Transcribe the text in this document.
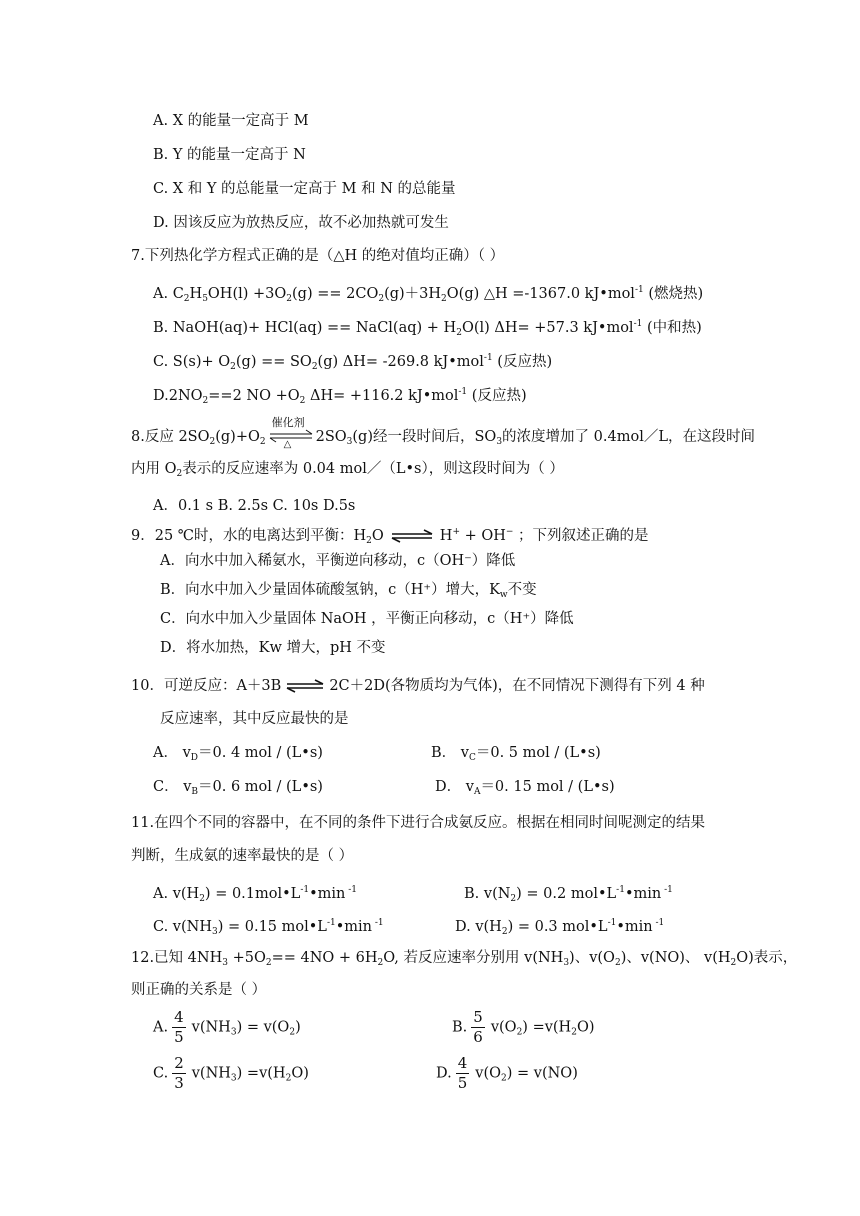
A. X 的能量一定高于 M
B. Y 的能量一定高于 N
C. X 和 Y 的总能量一定高于 M 和 N 的总能量
D. 因该反应为放热反应，故不必加热就可发生
7.下列热化学方程式正确的是（△H 的绝对值均正确）（ ）
A. $C_2H_5OH(l) +3O_2(g) == 2CO_2(g)+3H_2O(g)$ △H =-1367.0 kJ•mol$^{-1}$ (燃烧热)
B. NaOH(aq)+ HCl(aq) == NaCl(aq) + $H_2O(l)$ ΔH= +57.3 kJ•mol$^{-1}$ (中和热)
C. $S(s)+ O_2(g) == SO_2(g)$ ΔH= -269.8 kJ•mol$^{-1}$ (反应热)
$D.2NO_2==2$ NO $+O_2$ ΔH= +116.2 kJ•mol$^{-1}$ (反应热)
8.反应 $2SO_2(g)+O_2$
催化剂
△ $2SO_3(g)$经一段时间后，$SO_3$的浓度增加了 0.4mol／L，在这段时间
内用 $O_2$表示的反应速率为 0.04 mol／（L•s），则这段时间为（ ）
A．0.1 s B. 2.5s C. 10s D.5s
9．25 ℃时，水的电离达到平衡：$H_2O$ ⇌ H+ + OH− ；下列叙述正确的是
A．向水中加入稀氨水，平衡逆向移动，c（OH⁻）降低
B．向水中加入少量固体硫酸氢钠，c（H⁺）增大，$K_w$不变
C．向水中加入少量固体 NaOH ，平衡正向移动，c（H⁺）降低
D．将水加热，Kw 增大，pH 不变
10．可逆反应：A＋3B ⇌ 2C＋2D(各物质均为气体)，在不同情况下测得有下列 4 种
反应速率，其中反应最快的是
A． $v_D=0$. 4 mol / (L•s)	B． $v_C=0$. 5 mol / (L•s)
C． $v_B=0$. 6 mol / (L•s)	D． $v_A=0$. 15 mol / (L•s)
11.在四个不同的容器中，在不同的条件下进行合成氨反应。根据在相同时间呢测定的结果
判断，生成氨的速率最快的是（ ）
A. $v(H_2)$ = $0.1mol•L^{-1}•\min$ $^{-1}$	B. $v(N_2) = 0.2$ $mol•L^{-1}•\min$ $^{-1}$
C. $v(NH_3) = 0.15$ $mol•L^{-1}•\min$ $^{-1}$	D. $v(H_2) = 0.3$ $mol•L^{-1}•\min$ $^{-1}$
12.已知 $4NH_3 +5O_2== 4NO + 6H_2O$, 若反应速率分别用 $v(NH_3)$、$v(O_2)$、v(NO)、 $v(H_2O)$表示，
则正确的关系是（ ）
A. $\frac{4}{5} v(NH_3) = v(O_2)$	B. $\frac{5}{6} v(O_2) =v(H_2O)$
C. $\frac{2}{3} v(NH_3) =v(H_2O)$	D. $\frac{4}{5} v(O_2) = v(NO)$
